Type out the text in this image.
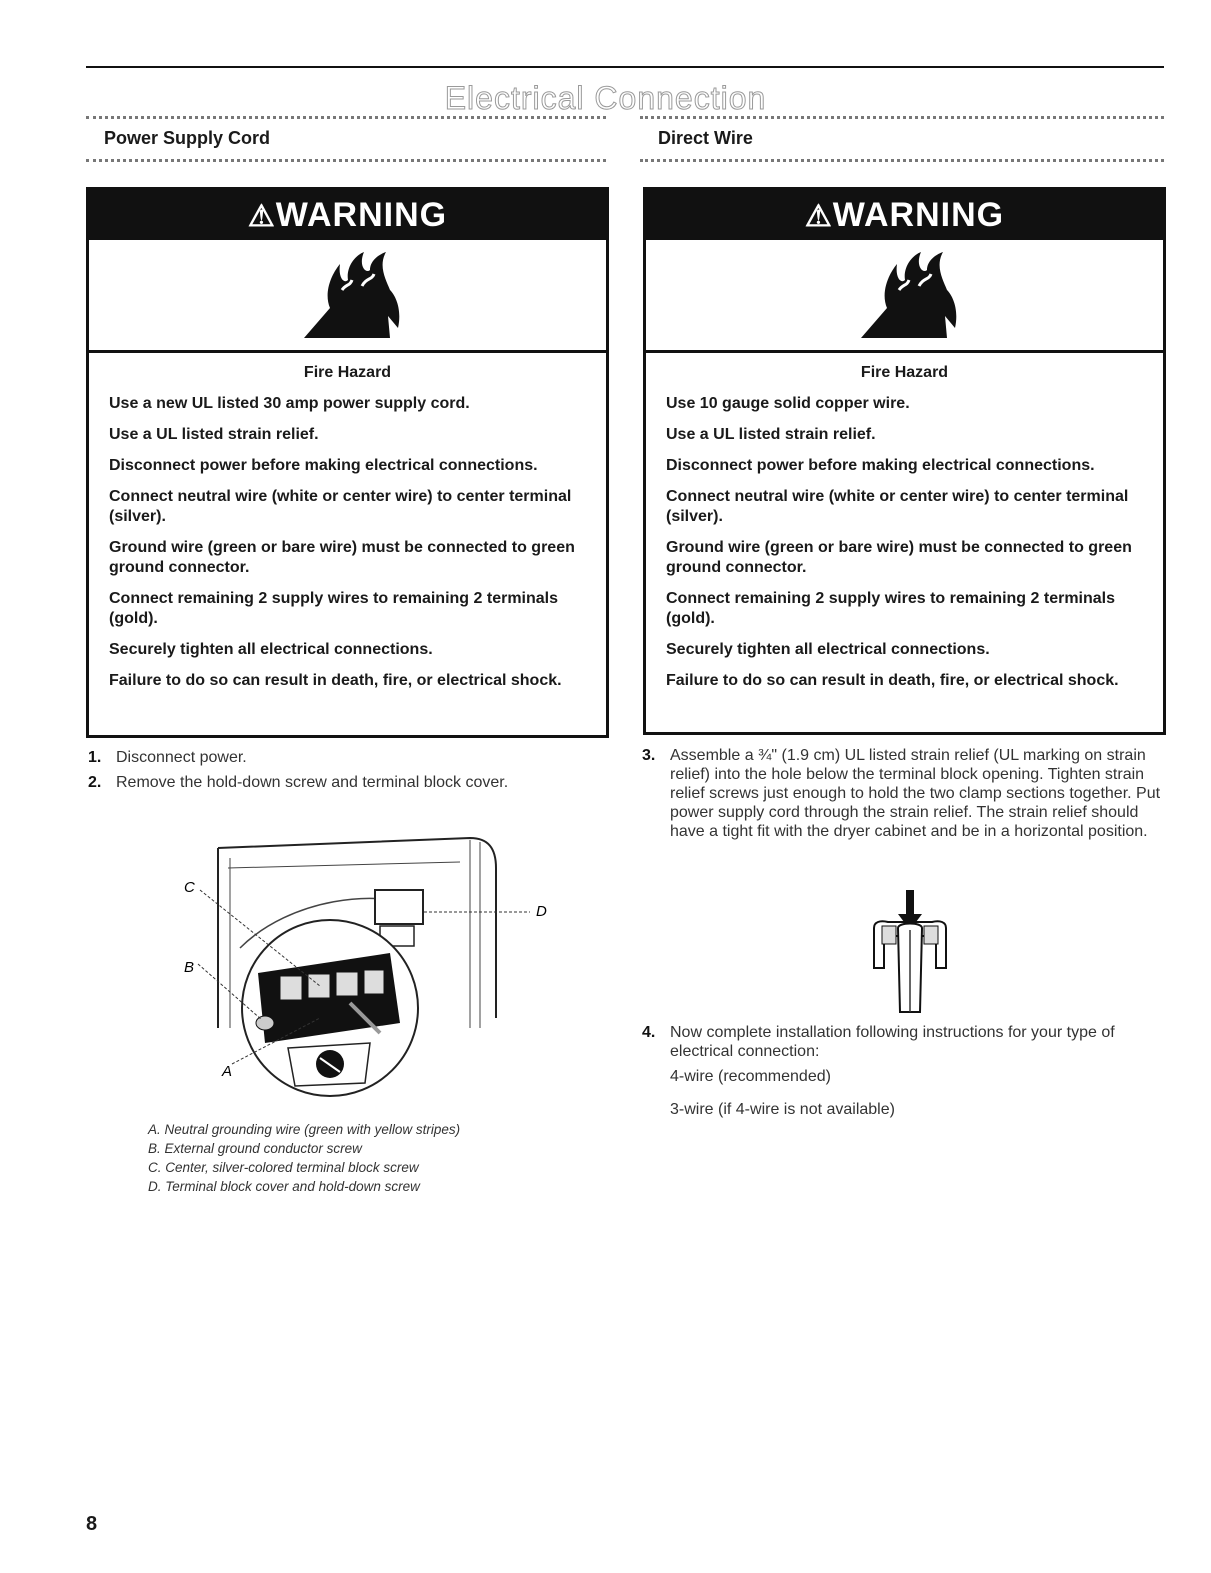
Electrical Connection
Power Supply Cord
⚠WARNING
Fire Hazard

Use a new UL listed 30 amp power supply cord.

Use a UL listed strain relief.

Disconnect power before making electrical connections.

Connect neutral wire (white or center wire) to center terminal (silver).

Ground wire (green or bare wire) must be connected to green ground connector.

Connect remaining 2 supply wires to remaining 2 terminals (gold).

Securely tighten all electrical connections.

Failure to do so can result in death, fire, or electrical shock.

1. Disconnect power.
2. Remove the hold-down screw and terminal block cover.
C
B
A
D
A. Neutral grounding wire (green with yellow stripes)
B. External ground conductor screw
C. Center, silver-colored terminal block screw
D. Terminal block cover and hold-down screw
Direct Wire
⚠WARNING
Fire Hazard

Use 10 gauge solid copper wire.

Use a UL listed strain relief.

Disconnect power before making electrical connections.

Connect neutral wire (white or center wire) to center terminal (silver).

Ground wire (green or bare wire) must be connected to green ground connector.

Connect remaining 2 supply wires to remaining 2 terminals (gold).

Securely tighten all electrical connections.

Failure to do so can result in death, fire, or electrical shock.

3. Assemble a ¾" (1.9 cm) UL listed strain relief (UL marking on strain relief) into the hole below the terminal block opening. Tighten strain relief screws just enough to hold the two clamp sections together. Put power supply cord through the strain relief. The strain relief should have a tight fit with the dryer cabinet and be in a horizontal position.
4. Now complete installation following instructions for your type of electrical connection:
4-wire (recommended)
3-wire (if 4-wire is not available)
8
